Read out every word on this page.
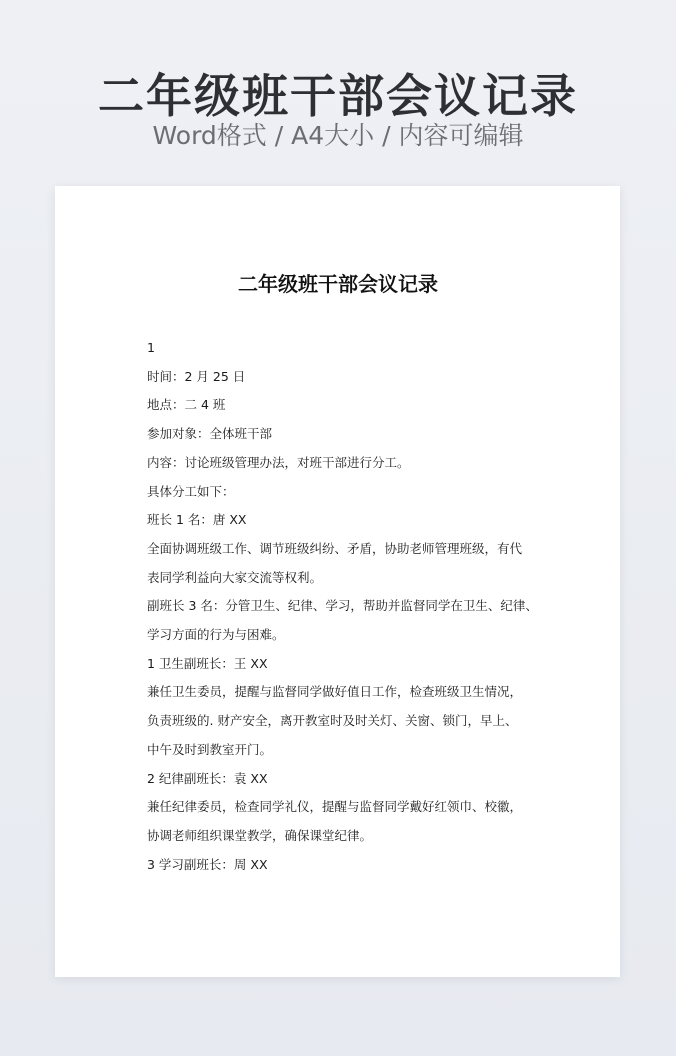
二年级班干部会议记录
Word格式 / A4大小 / 内容可编辑
二年级班干部会议记录
1
时间：2 月 25 日
地点：二 4 班
参加对象：全体班干部
内容：讨论班级管理办法，对班干部进行分工。
具体分工如下：
班长 1 名：唐 XX
全面协调班级工作、调节班级纠纷、矛盾，协助老师管理班级，有代
表同学利益向大家交流等权利。
副班长 3 名：分管卫生、纪律、学习，帮助并监督同学在卫生、纪律、
学习方面的行为与困难。
1 卫生副班长：王 XX
兼任卫生委员，提醒与监督同学做好值日工作，检查班级卫生情况，
负责班级的. 财产安全，离开教室时及时关灯、关窗、锁门，早上、
中午及时到教室开门。
2 纪律副班长：袁 XX
兼任纪律委员，检查同学礼仪，提醒与监督同学戴好红领巾、校徽，
协调老师组织课堂教学，确保课堂纪律。
3 学习副班长：周 XX
